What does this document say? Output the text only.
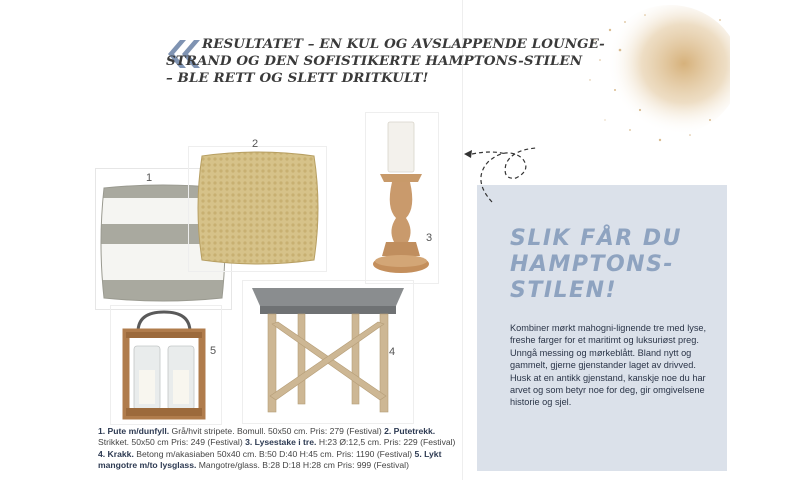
RESULTATET – EN KUL OG AVSLAPPENDE LOUNGE-
STRAND OG DEN SOFISTIKERTE HAMPTONS-STILEN
– BLE RETT OG SLETT DRITKULT!
1
2
3
4
5
1. Pute m/dunfyll. Grå/hvit stripete. Bomull. 50x50 cm. Pris: 279 (Festival) 2. Putetrekk. Strikket. 50x50 cm Pris: 249 (Festival) 3. Lysestake i tre. H:23 Ø:12,5 cm. Pris: 229 (Festival) 4. Krakk. Betong m/akasiaben 50x40 cm. B:50 D:40 H:45 cm. Pris: 1190 (Festival) 5. Lykt mangotre m/to lysglass. Mangotre/glass. B:28 D:18 H:28 cm Pris: 999 (Festival)
SLIK FÅR DU
HAMPTONS-
STILEN!
Kombiner mørkt mahogni-lignende tre med lyse, freshe farger for et maritimt og luksuriøst preg. Unngå messing og mørkeblått. Bland nytt og gammelt, gjerne gjenstander laget av drivved. Husk at en antikk gjenstand, kanskje noe du har arvet og som betyr noe for deg, gir omgivelsene historie og sjel.
